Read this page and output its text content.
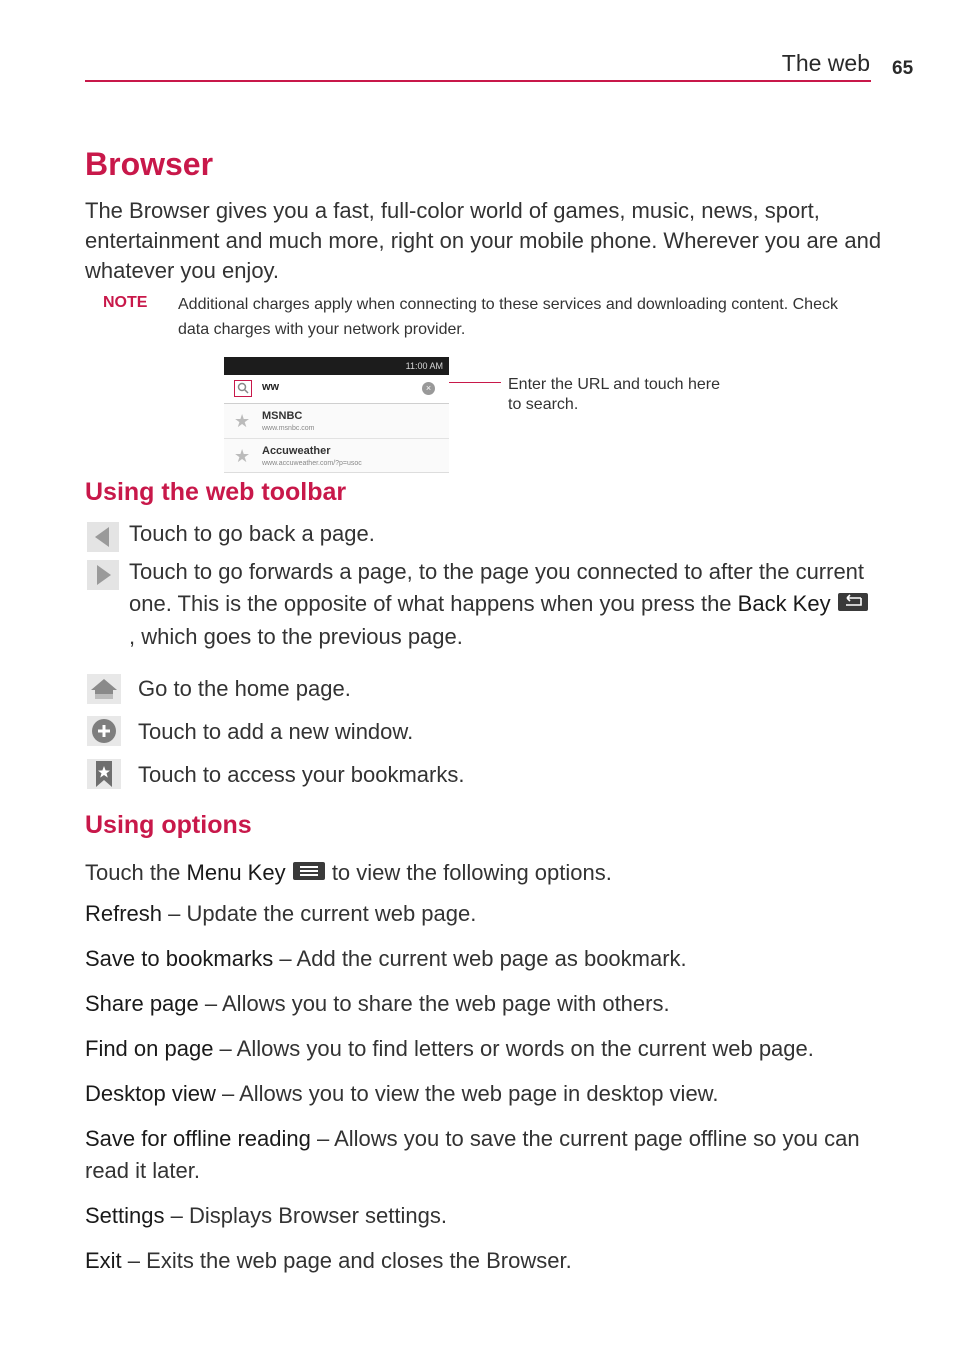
The web 65
Browser
The Browser gives you a fast, full-color world of games, music, news, sport, entertainment and much more, right on your mobile phone. Wherever you are and whatever you enjoy.
NOTE Additional charges apply when connecting to these services and downloading content. Check data charges with your network provider.
11:00 AM
ww	×
★ MSNBC
www.msnbc.com
★ Accuweather
www.accuweather.com/?p=usoc
Enter the URL and touch here to search.
Using the web toolbar
Touch to go back a page.
Touch to go forwards a page, to the page you connected to after the current one. This is the opposite of what happens when you press the Back Key , which goes to the previous page.
Go to the home page.
Touch to add a new window.
Touch to access your bookmarks.
Using options
Touch the Menu Key  to view the following options.
Refresh – Update the current web page.
Save to bookmarks – Add the current web page as bookmark.
Share page – Allows you to share the web page with others.
Find on page – Allows you to find letters or words on the current web page.
Desktop view – Allows you to view the web page in desktop view.
Save for offline reading – Allows you to save the current page offline so you can read it later.
Settings – Displays Browser settings.
Exit – Exits the web page and closes the Browser.
